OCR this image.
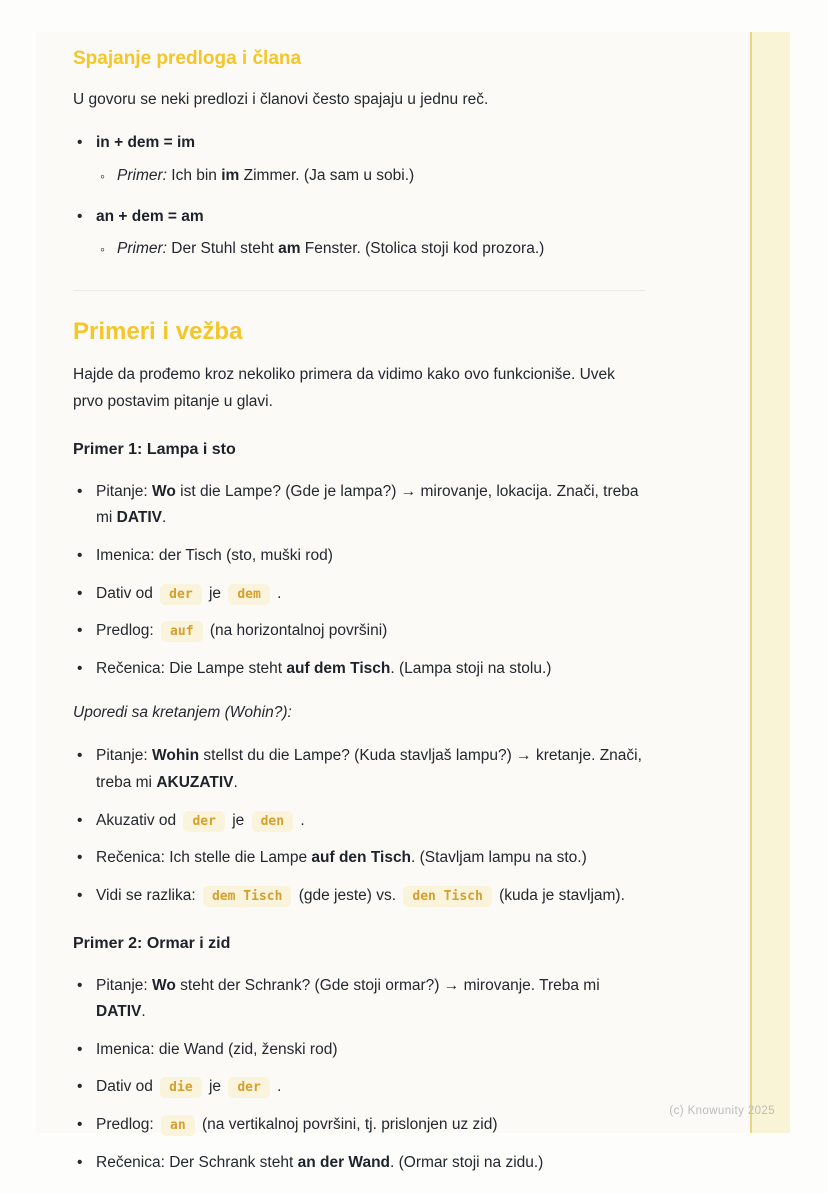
Spajanje predloga i člana

U govoru se neki predlozi i članovi često spajaju u jednu reč.

• in + dem = im
◦ Primer: Ich bin im Zimmer. (Ja sam u sobi.)
• an + dem = am
◦ Primer: Der Stuhl steht am Fenster. (Stolica stoji kod prozora.)
Primeri i vežba

Hajde da prođemo kroz nekoliko primera da vidimo kako ovo funkcioniše. Uvek prvo postavim pitanje u glavi.

Primer 1: Lampa i sto
• Pitanje: Wo ist die Lampe? (Gde je lampa?) → mirovanje, lokacija. Znači, treba mi DATIV.
• Imenica: der Tisch (sto, muški rod)
• Dativ od der je dem .
• Predlog: auf (na horizontalnoj površini)
• Rečenica: Die Lampe steht auf dem Tisch. (Lampa stoji na stolu.)

Uporedi sa kretanjem (Wohin?):

• Pitanje: Wohin stellst du die Lampe? (Kuda stavljaš lampu?) → kretanje. Znači, treba mi AKUZATIV.
• Akuzativ od der je den .
• Rečenica: Ich stelle die Lampe auf den Tisch. (Stavljam lampu na sto.)
• Vidi se razlika: dem Tisch (gde jeste) vs. den Tisch (kuda je stavljam).
Primer 2: Ormar i zid
• Pitanje: Wo steht der Schrank? (Gde stoji ormar?) → mirovanje. Treba mi DATIV.
• Imenica: die Wand (zid, ženski rod)
• Dativ od die je der .
• Predlog: an (na vertikalnoj površini, tj. prislonjen uz zid)
• Rečenica: Der Schrank steht an der Wand. (Ormar stoji na zidu.)
(c) Knowunity 2025
